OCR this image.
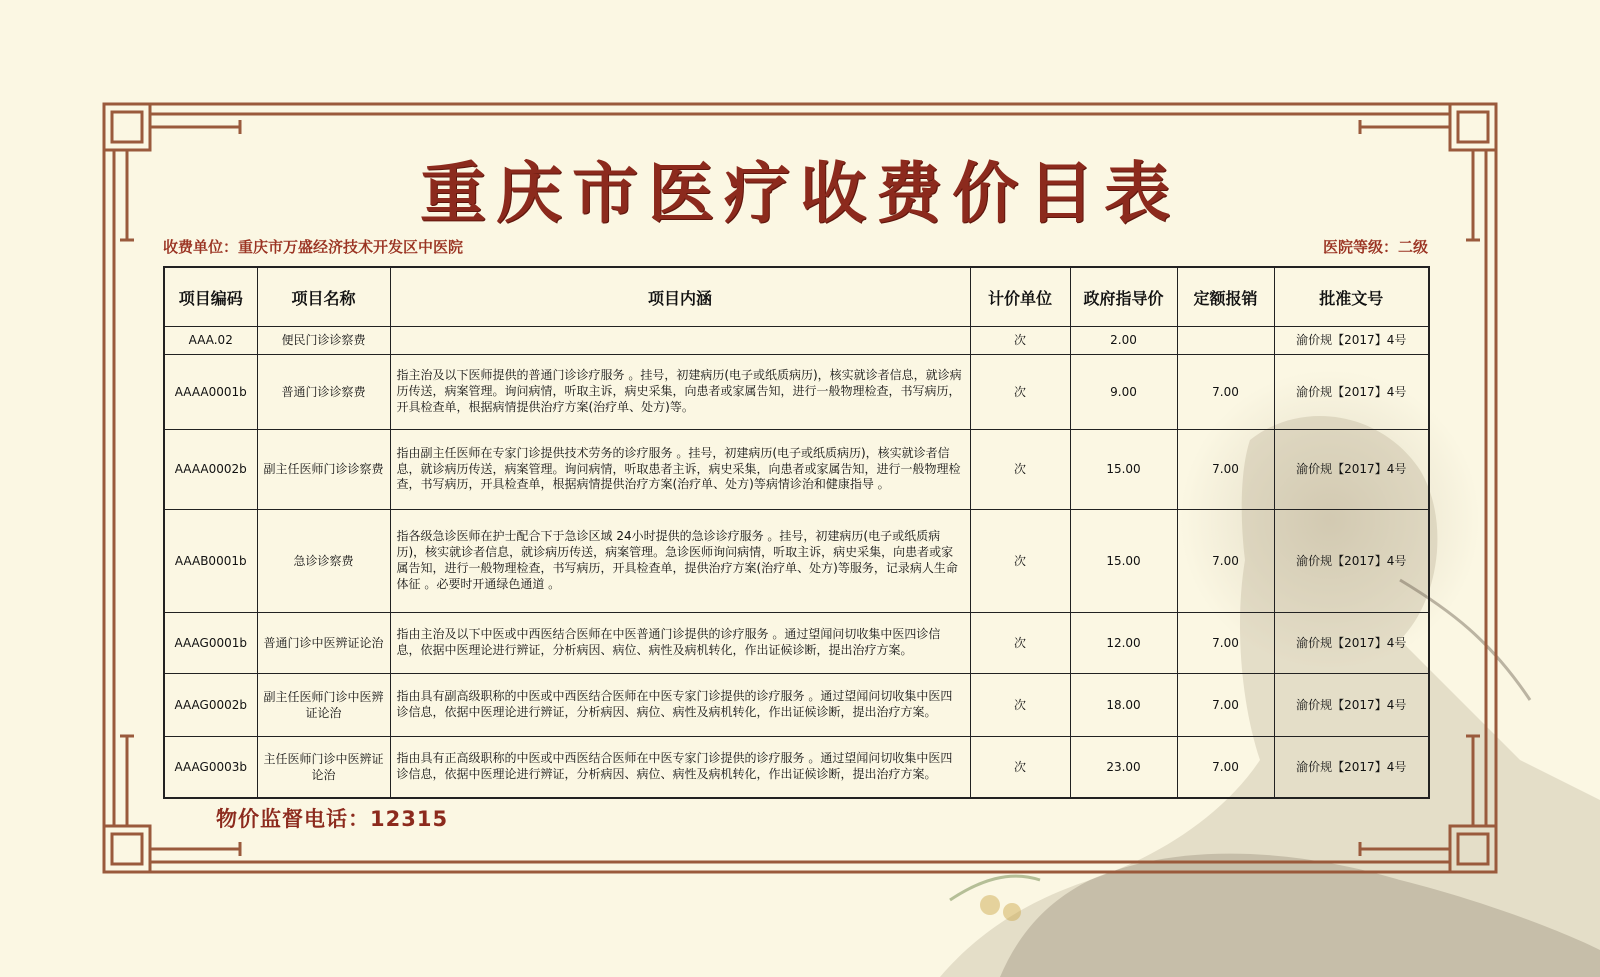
重庆市医疗收费价目表
收费单位：重庆市万盛经济技术开发区中医院	医院等级：二级
项目编码	项目名称	项目内涵	计价单位	政府指导价	定额报销	批准文号
AAA.02	便民门诊诊察费		次	2.00		渝价规【2017】4号
AAAA0001b	普通门诊诊察费	指主治及以下医师提供的普通门诊诊疗服务 。挂号，初建病历(电子或纸质病历)，核实就诊者信息，就诊病历传送，病案管理。询问病情，听取主诉，病史采集，向患者或家属告知，进行一般物理检查，书写病历，开具检查单，根据病情提供治疗方案(治疗单、处方)等。	次	9.00	7.00	渝价规【2017】4号
AAAA0002b	副主任医师门诊诊察费	指由副主任医师在专家门诊提供技术劳务的诊疗服务 。挂号，初建病历(电子或纸质病历)，核实就诊者信息，就诊病历传送，病案管理。询问病情，听取患者主诉，病史采集，向患者或家属告知，进行一般物理检查，书写病历，开具检查单，根据病情提供治疗方案(治疗单、处方)等病情诊治和健康指导 。	次	15.00	7.00	渝价规【2017】4号
AAAB0001b	急诊诊察费	指各级急诊医师在护士配合下于急诊区域 24小时提供的急诊诊疗服务 。挂号，初建病历(电子或纸质病历)，核实就诊者信息，就诊病历传送，病案管理。急诊医师询问病情，听取主诉，病史采集，向患者或家属告知，进行一般物理检查，书写病历，开具检查单，提供治疗方案(治疗单、处方)等服务，记录病人生命体征 。必要时开通绿色通道 。	次	15.00	7.00	渝价规【2017】4号
AAAG0001b	普通门诊中医辨证论治	指由主治及以下中医或中西医结合医师在中医普通门诊提供的诊疗服务 。通过望闻问切收集中医四诊信息，依据中医理论进行辨证，分析病因、病位、病性及病机转化，作出证候诊断，提出治疗方案。	次	12.00	7.00	渝价规【2017】4号
AAAG0002b	副主任医师门诊中医辨证论治	指由具有副高级职称的中医或中西医结合医师在中医专家门诊提供的诊疗服务 。通过望闻问切收集中医四诊信息，依据中医理论进行辨证，分析病因、病位、病性及病机转化，作出证候诊断，提出治疗方案。	次	18.00	7.00	渝价规【2017】4号
AAAG0003b	主任医师门诊中医辨证论治	指由具有正高级职称的中医或中西医结合医师在中医专家门诊提供的诊疗服务 。通过望闻问切收集中医四诊信息，依据中医理论进行辨证，分析病因、病位、病性及病机转化，作出证候诊断，提出治疗方案。	次	23.00	7.00	渝价规【2017】4号
物价监督电话：12315
